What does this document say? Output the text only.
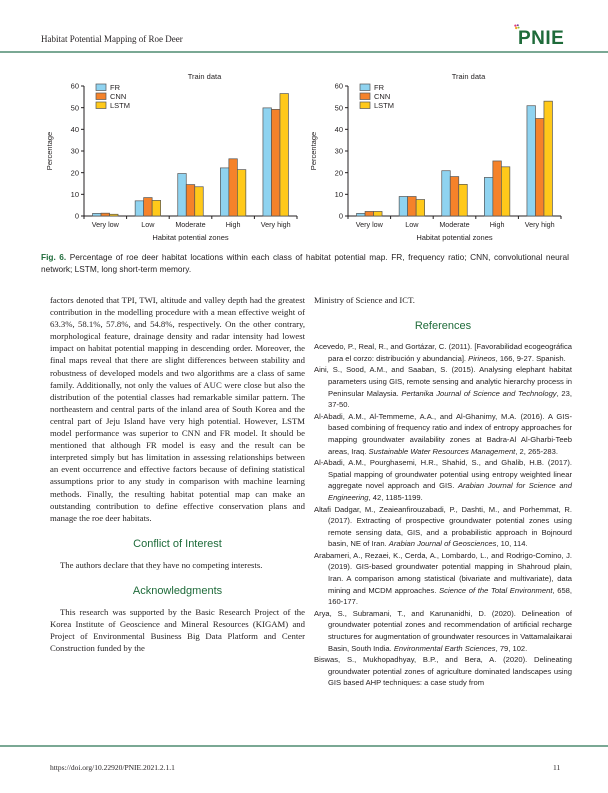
Habitat Potential Mapping of Roe Deer	PNIE
Train data
0
10
20
30
40
50
60
Percentage
Very low	Low	Moderate	High	Very high
Habitat potential zones
FR
CNN
LSTM
Train data
0
10
20
30
40
50
60
Percentage
Very low	Low	Moderate	High	Very high
Habitat potential zones
FR
CNN
LSTM
Fig. 6. Percentage of roe deer habitat locations within each class of habitat potential map. FR, frequency ratio; CNN, convolutional neural network; LSTM, long short-term memory.

factors denoted that TPI, TWI, altitude and valley depth had the greatest contribution in the modelling procedure with a mean effective weight of 63.3%, 58.1%, 57.8%, and 54.8%, respectively. On the other contrary, morphological feature, drainage density and radar intensity had lowest impact on habitat potential mapping in descending order. Moreover, the final maps reveal that there are slight differences between stability and robustness of developed models and two algorithms are a class of same family. Additionally, not only the values of AUC were close but also the distribution of the potential classes had remarkable similar pattern. The northeastern and central parts of the inland area of South Korea and the central part of Jeju Island have very high potential. However, LSTM model performance was superior to CNN and FR model. It should be mentioned that although FR model is easy and the result can be interpreted simply but has limitation in assessing relationships between an event occurrence and effective factors because of defining statistical assumptions prior to any study in comparison with machine learning methods. Finally, the resulting habitat potential map can make an outstanding contribution to define effective conservation plans and manage the roe deer habitats.

Conflict of Interest

The authors declare that they have no competing interests.

Acknowledgments

This research was supported by the Basic Research Project of the Korea Institute of Geoscience and Mineral Resources (KIGAM) and Project of Environmental Business Big Data Platform and Center Construction funded by the

Ministry of Science and ICT.

References
Acevedo, P., Real, R., and Gortázar, C. (2011). [Favorabilidad ecogeográfica para el corzo: distribución y abundancia]. Pirineos, 166, 9-27. Spanish.
Aini, S., Sood, A.M., and Saaban, S. (2015). Analysing elephant habitat parameters using GIS, remote sensing and analytic hierarchy process in Peninsular Malaysia. Pertanika Journal of Science and Technology, 23, 37-50.
Al-Abadi, A.M., Al-Temmeme, A.A., and Al-Ghanimy, M.A. (2016). A GIS-based combining of frequency ratio and index of entropy approaches for mapping groundwater availability zones at Badra-Al Al-Gharbi-Teeb areas, Iraq. Sustainable Water Resources Management, 2, 265-283.
Al-Abadi, A.M., Pourghasemi, H.R., Shahid, S., and Ghalib, H.B. (2017). Spatial mapping of groundwater potential using entropy weighted linear aggregate novel approach and GIS. Arabian Journal for Science and Engineering, 42, 1185-1199.
Altafi Dadgar, M., Zeaieanfirouzabadi, P., Dashti, M., and Porhemmat, R. (2017). Extracting of prospective groundwater potential zones using remote sensing data, GIS, and a probabilistic approach in Bojnourd basin, NE of Iran. Arabian Journal of Geosciences, 10, 114.
Arabameri, A., Rezaei, K., Cerda, A., Lombardo, L., and Rodrigo-Comino, J. (2019). GIS-based groundwater potential mapping in Shahroud plain, Iran. A comparison among statistical (bivariate and multivariate), data mining and MCDM approaches. Science of the Total Environment, 658, 160-177.
Arya, S., Subramani, T., and Karunanidhi, D. (2020). Delineation of groundwater potential zones and recommendation of artificial recharge structures for augmentation of groundwater resources in Vattamalaikarai Basin, South India. Environmental Earth Sciences, 79, 102.
Biswas, S., Mukhopadhyay, B.P., and Bera, A. (2020). Delineating groundwater potential zones of agriculture dominated landscapes using GIS based AHP techniques: a case study from
https://doi.org/10.22920/PNIE.2021.2.1.1	11
